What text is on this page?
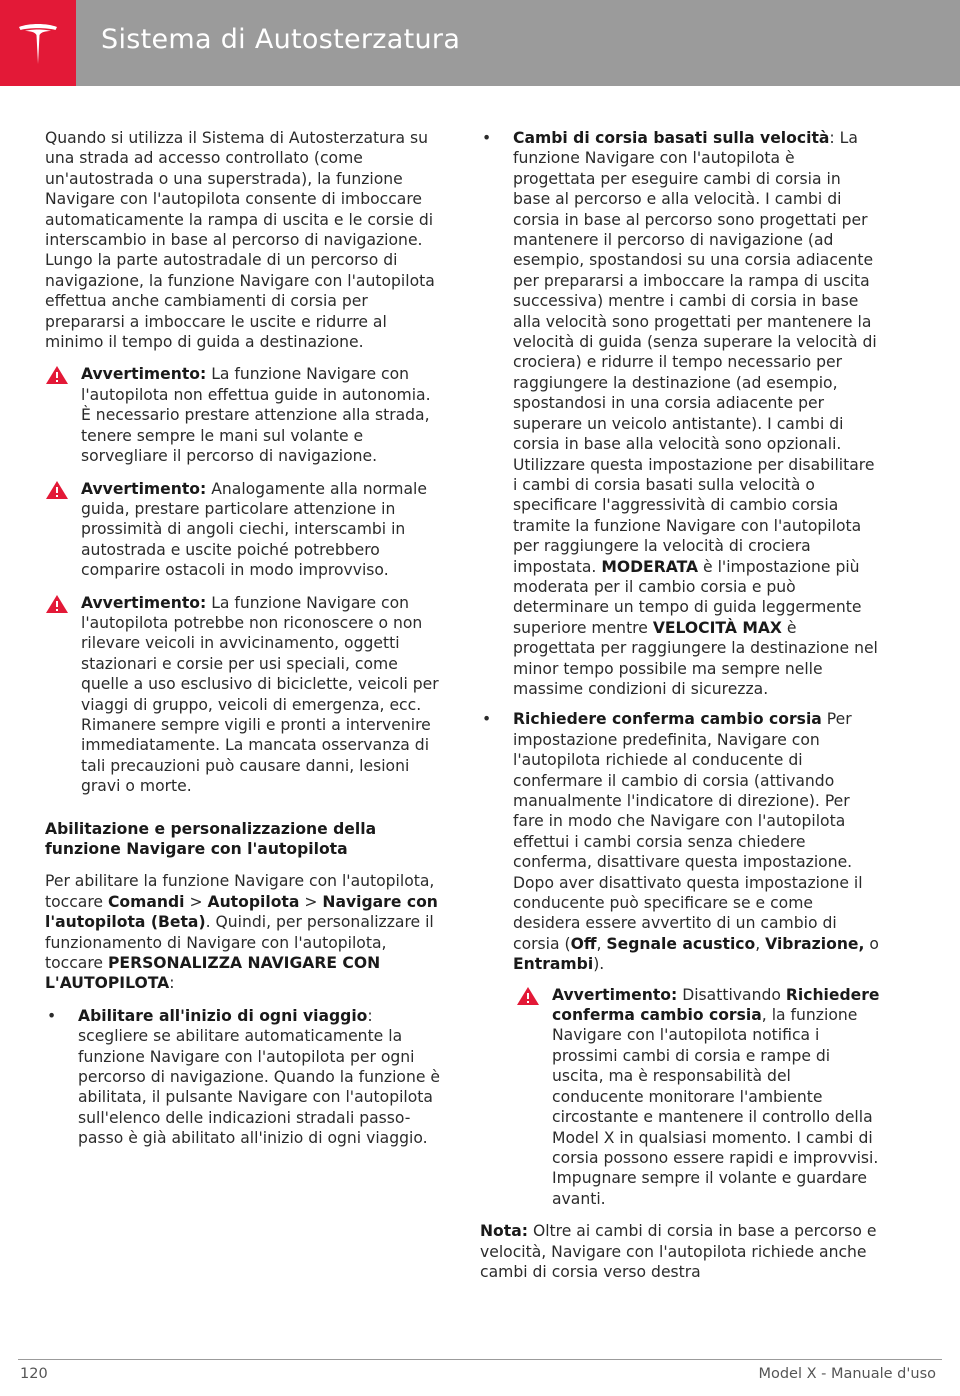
Sistema di Autosterzatura

Quando si utilizza il Sistema di Autosterzatura su una strada ad accesso controllato (come un'autostrada o una superstrada), la funzione Navigare con l'autopilota consente di imboccare automaticamente la rampa di uscita e le corsie di interscambio in base al percorso di navigazione. Lungo la parte autostradale di un percorso di navigazione, la funzione Navigare con l'autopilota effettua anche cambiamenti di corsia per prepararsi a imboccare le uscite e ridurre al minimo il tempo di guida a destinazione.

Avvertimento: La funzione Navigare con l'autopilota non effettua guide in autonomia. È necessario prestare attenzione alla strada, tenere sempre le mani sul volante e sorvegliare il percorso di navigazione.

Avvertimento: Analogamente alla normale guida, prestare particolare attenzione in prossimità di angoli ciechi, interscambi in autostrada e uscite poiché potrebbero comparire ostacoli in modo improvviso.

Avvertimento: La funzione Navigare con l'autopilota potrebbe non riconoscere o non rilevare veicoli in avvicinamento, oggetti stazionari e corsie per usi speciali, come quelle a uso esclusivo di biciclette, veicoli per viaggi di gruppo, veicoli di emergenza, ecc. Rimanere sempre vigili e pronti a intervenire immediatamente. La mancata osservanza di tali precauzioni può causare danni, lesioni gravi o morte.

Abilitazione e personalizzazione della funzione Navigare con l'autopilota

Per abilitare la funzione Navigare con l'autopilota, toccare Comandi > Autopilota > Navigare con l'autopilota (Beta). Quindi, per personalizzare il funzionamento di Navigare con l'autopilota, toccare PERSONALIZZA NAVIGARE CON L'AUTOPILOTA:

• Abilitare all'inizio di ogni viaggio: scegliere se abilitare automaticamente la funzione Navigare con l'autopilota per ogni percorso di navigazione. Quando la funzione è abilitata, il pulsante Navigare con l'autopilota sull'elenco delle indicazioni stradali passo-passo è già abilitato all'inizio di ogni viaggio.

• Cambi di corsia basati sulla velocità: La funzione Navigare con l'autopilota è progettata per eseguire cambi di corsia in base al percorso e alla velocità. I cambi di corsia in base al percorso sono progettati per mantenere il percorso di navigazione (ad esempio, spostandosi su una corsia adiacente per prepararsi a imboccare la rampa di uscita successiva) mentre i cambi di corsia in base alla velocità sono progettati per mantenere la velocità di guida (senza superare la velocità di crociera) e ridurre il tempo necessario per raggiungere la destinazione (ad esempio, spostandosi in una corsia adiacente per superare un veicolo antistante). I cambi di corsia in base alla velocità sono opzionali. Utilizzare questa impostazione per disabilitare i cambi di corsia basati sulla velocità o specificare l'aggressività di cambio corsia tramite la funzione Navigare con l'autopilota per raggiungere la velocità di crociera impostata. MODERATA è l'impostazione più moderata per il cambio corsia e può determinare un tempo di guida leggermente superiore mentre VELOCITÀ MAX è progettata per raggiungere la destinazione nel minor tempo possibile ma sempre nelle massime condizioni di sicurezza.

• Richiedere conferma cambio corsia Per impostazione predefinita, Navigare con l'autopilota richiede al conducente di confermare il cambio di corsia (attivando manualmente l'indicatore di direzione). Per fare in modo che Navigare con l'autopilota effettui i cambi corsia senza chiedere conferma, disattivare questa impostazione. Dopo aver disattivato questa impostazione il conducente può specificare se e come desidera essere avvertito di un cambio di corsia (Off, Segnale acustico, Vibrazione, o Entrambi).

Avvertimento: Disattivando Richiedere conferma cambio corsia, la funzione Navigare con l'autopilota notifica i prossimi cambi di corsia e rampe di uscita, ma è responsabilità del conducente monitorare l'ambiente circostante e mantenere il controllo della Model X in qualsiasi momento. I cambi di corsia possono essere rapidi e improvvisi. Impugnare sempre il volante e guardare avanti.

Nota: Oltre ai cambi di corsia in base a percorso e velocità, Navigare con l'autopilota richiede anche cambi di corsia verso destra

120	Model X - Manuale d'uso
